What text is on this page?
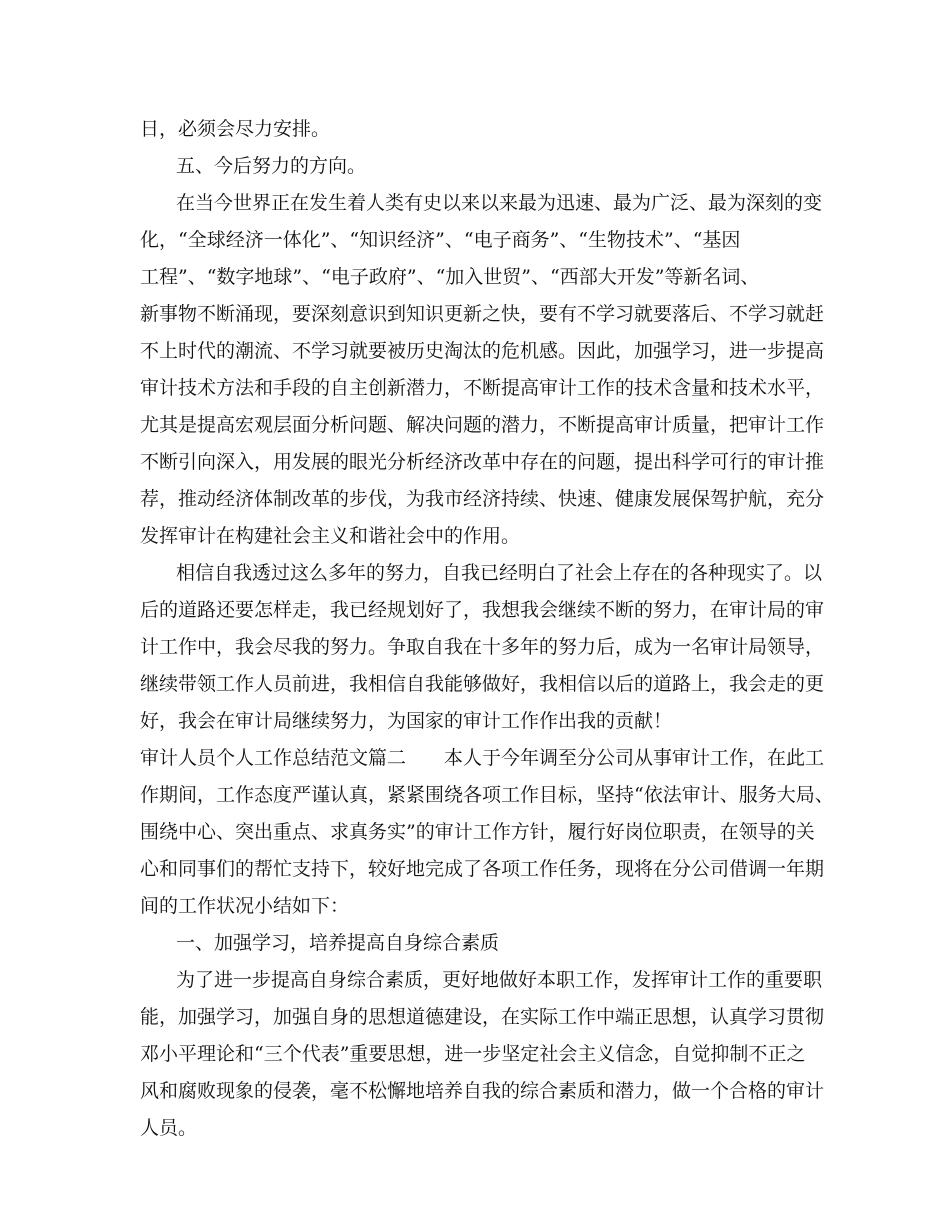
日，必须会尽力安排。
五、今后努力的方向。
在当今世界正在发生着人类有史以来以来最为迅速、最为广泛、最为深刻的变
化，“全球经济一体化”、“知识经济”、“电子商务”、“生物技术”、“基因
工程”、“数字地球”、“电子政府”、“加入世贸”、“西部大开发”等新名词、
新事物不断涌现，要深刻意识到知识更新之快，要有不学习就要落后、不学习就赶
不上时代的潮流、不学习就要被历史淘汰的危机感。因此，加强学习，进一步提高
审计技术方法和手段的自主创新潜力，不断提高审计工作的技术含量和技术水平，
尤其是提高宏观层面分析问题、解决问题的潜力，不断提高审计质量，把审计工作
不断引向深入，用发展的眼光分析经济改革中存在的问题，提出科学可行的审计推
荐，推动经济体制改革的步伐，为我市经济持续、快速、健康发展保驾护航，充分
发挥审计在构建社会主义和谐社会中的作用。
相信自我透过这么多年的努力，自我已经明白了社会上存在的各种现实了。以
后的道路还要怎样走，我已经规划好了，我想我会继续不断的努力，在审计局的审
计工作中，我会尽我的努力。争取自我在十多年的努力后，成为一名审计局领导，
继续带领工作人员前进，我相信自我能够做好，我相信以后的道路上，我会走的更
好，我会在审计局继续努力，为国家的审计工作作出我的贡献！
审计人员个人工作总结范文篇二　　本人于今年调至分公司从事审计工作，在此工
作期间，工作态度严谨认真，紧紧围绕各项工作目标，坚持“依法审计、服务大局、
围绕中心、突出重点、求真务实”的审计工作方针，履行好岗位职责，在领导的关
心和同事们的帮忙支持下，较好地完成了各项工作任务，现将在分公司借调一年期
间的工作状况小结如下：
一、加强学习，培养提高自身综合素质
为了进一步提高自身综合素质，更好地做好本职工作，发挥审计工作的重要职
能，加强学习，加强自身的思想道德建设，在实际工作中端正思想，认真学习贯彻
邓小平理论和“三个代表”重要思想，进一步坚定社会主义信念，自觉抑制不正之
风和腐败现象的侵袭，毫不松懈地培养自我的综合素质和潜力，做一个合格的审计
人员。
